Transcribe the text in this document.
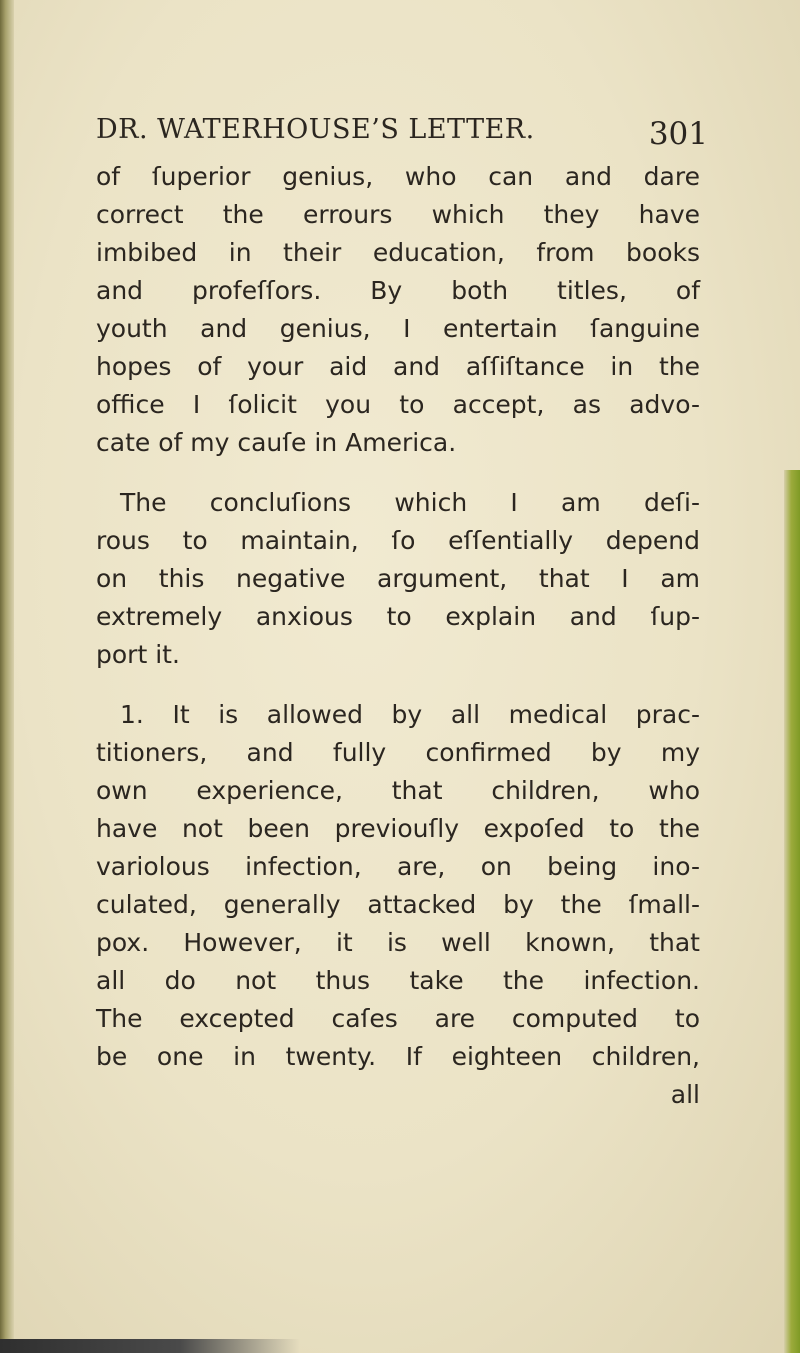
DR. WATERHOUSE’S LETTER.	301
of ſuperior genius, who can and dare
correct the errours which they have
imbibed in their education, from books
and profeſſors. By both titles, of
youth and genius, I entertain ſanguine
hopes of your aid and aſſiſtance in the
office I ſolicit you to accept, as advo-
cate of my cauſe in America.
The concluſions which I am deſi-
rous to maintain, ſo eſſentially depend
on this negative argument, that I am
extremely anxious to explain and ſup-
port it.
1. It is allowed by all medical prac-
titioners, and fully confirmed by my
own experience, that children, who
have not been previouſly expoſed to the
variolous infection, are, on being ino-
culated, generally attacked by the ſmall-
pox. However, it is well known, that
all do not thus take the infection.
The excepted caſes are computed to
be one in twenty. If eighteen children,
all
